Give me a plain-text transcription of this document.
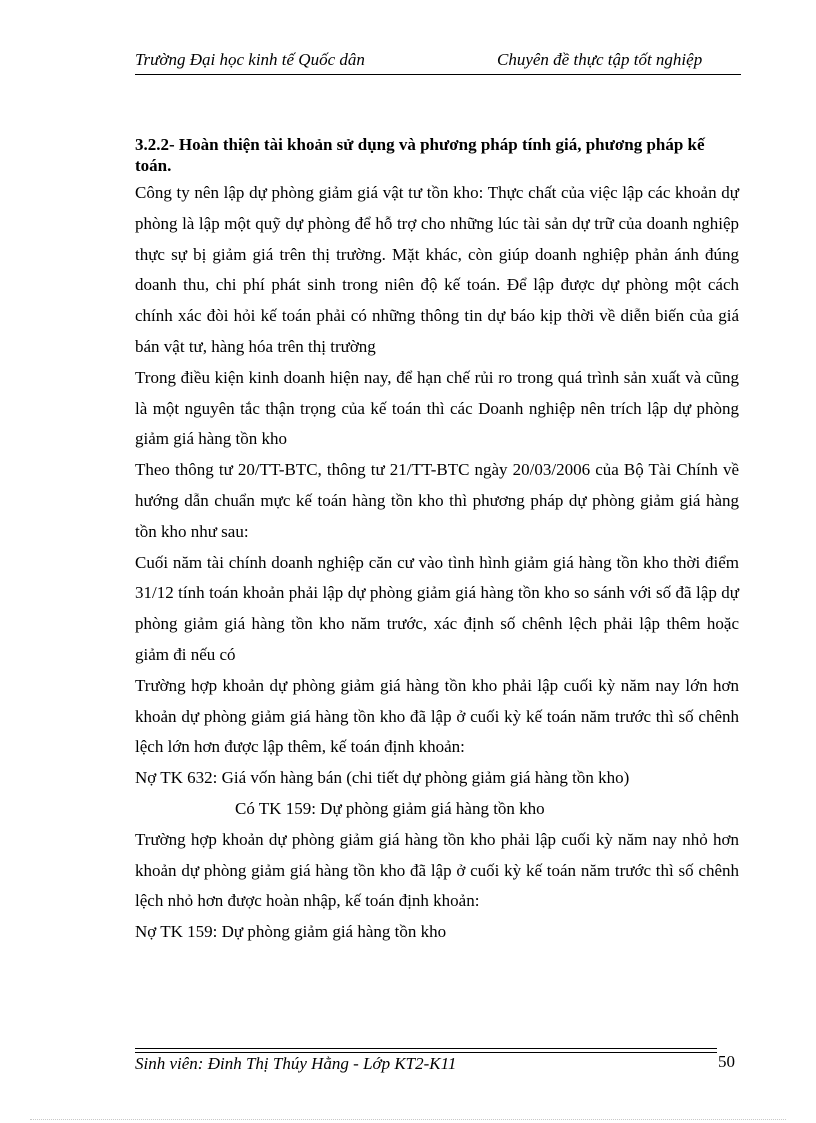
Trường Đại học kinh tế Quốc dân	Chuyên đề thực tập tốt nghiệp
3.2.2- Hoàn thiện tài khoản sử dụng và phương pháp tính giá, phương pháp kế toán.

Công ty nên lập dự phòng giảm giá vật tư tồn kho: Thực chất của việc lập các khoản dự phòng là lập một quỹ dự phòng để hỗ trợ cho những lúc tài sản dự trữ của doanh nghiệp thực sự bị giảm giá trên thị trường. Mặt khác, còn giúp doanh nghiệp phản ánh đúng doanh thu, chi phí phát sinh trong niên độ kế toán. Để lập được dự phòng một cách chính xác đòi hỏi kế toán phải có những thông tin dự báo kịp thời về diễn biến của giá bán vật tư, hàng hóa trên thị trường

Trong điều kiện kinh doanh hiện nay, để hạn chế rủi ro trong quá trình sản xuất và cũng là một nguyên tắc thận trọng của kế toán thì các Doanh nghiệp nên trích lập dự phòng giảm giá hàng tồn kho

Theo thông tư 20/TT-BTC, thông tư 21/TT-BTC ngày 20/03/2006 của Bộ Tài Chính về hướng dẫn chuẩn mực kế toán hàng tồn kho thì phương pháp dự phòng giảm giá hàng tồn kho như sau:

Cuối năm tài chính doanh nghiệp căn cư vào tình hình giảm giá hàng tồn kho thời điểm 31/12 tính toán khoản phải lập dự phòng giảm giá hàng tồn kho so sánh với số đã lập dự phòng giảm giá hàng tồn kho năm trước, xác định số chênh lệch phải lập thêm hoặc giảm đi nếu có

Trường hợp khoản dự phòng giảm giá hàng tồn kho phải lập cuối kỳ năm nay lớn hơn khoản dự phòng giảm giá hàng tồn kho đã lập ở cuối kỳ kế toán năm trước thì số chênh lệch lớn hơn được lập thêm, kế toán định khoản:

Nợ TK 632: Giá vốn hàng bán (chi tiết dự phòng giảm giá hàng tồn kho)

Có TK 159: Dự phòng giảm giá hàng tồn kho

Trường hợp khoản dự phòng giảm giá hàng tồn kho phải lập cuối kỳ năm nay nhỏ hơn khoản dự phòng giảm giá hàng tồn kho đã lập ở cuối kỳ kế toán năm trước thì số chênh lệch nhỏ hơn được hoàn nhập, kế toán định khoản:

Nợ TK 159: Dự phòng giảm giá hàng tồn kho

Sinh viên: Đinh Thị Thúy Hằng - Lớp KT2-K11	50
